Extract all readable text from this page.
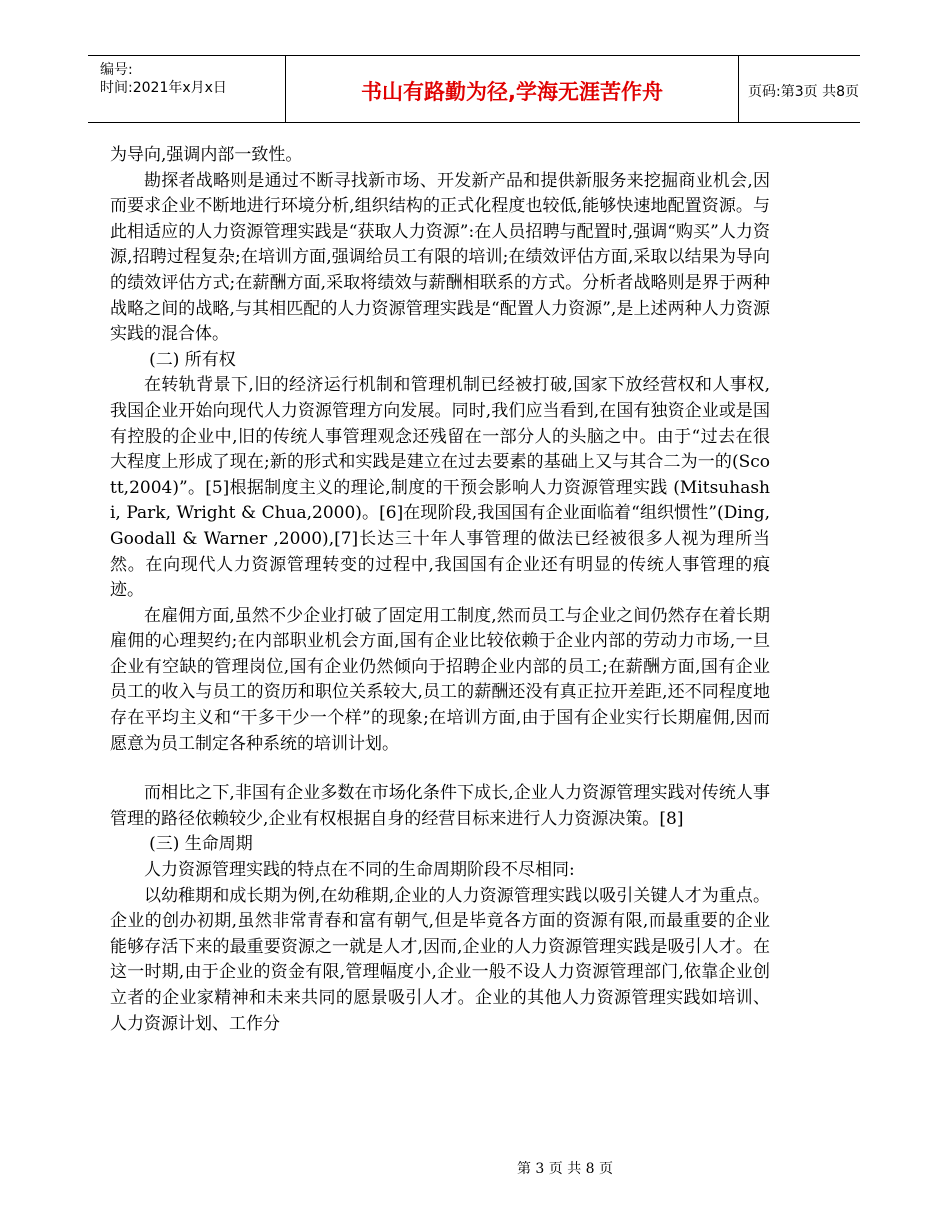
编号:
时间:2021年x月x日	书山有路勤为径,学海无涯苦作舟	页码:第3页 共8页

为导向,强调内部一致性。

勘探者战略则是通过不断寻找新市场、开发新产品和提供新服务来挖掘商业机会,因而要求企业不断地进行环境分析,组织结构的正式化程度也较低,能够快速地配置资源。与此相适应的人力资源管理实践是“获取人力资源”:在人员招聘与配置时,强调“购买”人力资源,招聘过程复杂;在培训方面,强调给员工有限的培训;在绩效评估方面,采取以结果为导向的绩效评估方式;在薪酬方面,采取将绩效与薪酬相联系的方式。分析者战略则是界于两种战略之间的战略,与其相匹配的人力资源管理实践是“配置人力资源”,是上述两种人力资源实践的混合体。

(二) 所有权

在转轨背景下,旧的经济运行机制和管理机制已经被打破,国家下放经营权和人事权,我国企业开始向现代人力资源管理方向发展。同时,我们应当看到,在国有独资企业或是国有控股的企业中,旧的传统人事管理观念还残留在一部分人的头脑之中。由于“过去在很大程度上形成了现在;新的形式和实践是建立在过去要素的基础上又与其合二为一的(Scott,2004)”。[5]根据制度主义的理论,制度的干预会影响人力资源管理实践 (Mitsuhashi, Park, Wright & Chua,2000)。[6]在现阶段,我国国有企业面临着“组织惯性”(Ding, Goodall & Warner ,2000),[7]长达三十年人事管理的做法已经被很多人视为理所当然。在向现代人力资源管理转变的过程中,我国国有企业还有明显的传统人事管理的痕迹。

在雇佣方面,虽然不少企业打破了固定用工制度,然而员工与企业之间仍然存在着长期雇佣的心理契约;在内部职业机会方面,国有企业比较依赖于企业内部的劳动力市场,一旦企业有空缺的管理岗位,国有企业仍然倾向于招聘企业内部的员工;在薪酬方面,国有企业员工的收入与员工的资历和职位关系较大,员工的薪酬还没有真正拉开差距,还不同程度地存在平均主义和“干多干少一个样”的现象;在培训方面,由于国有企业实行长期雇佣,因而愿意为员工制定各种系统的培训计划。

而相比之下,非国有企业多数在市场化条件下成长,企业人力资源管理实践对传统人事管理的路径依赖较少,企业有权根据自身的经营目标来进行人力资源决策。[8]

(三) 生命周期

人力资源管理实践的特点在不同的生命周期阶段不尽相同:

以幼稚期和成长期为例,在幼稚期,企业的人力资源管理实践以吸引关键人才为重点。企业的创办初期,虽然非常青春和富有朝气,但是毕竟各方面的资源有限,而最重要的企业能够存活下来的最重要资源之一就是人才,因而,企业的人力资源管理实践是吸引人才。在这一时期,由于企业的资金有限,管理幅度小,企业一般不设人力资源管理部门,依靠企业创立者的企业家精神和未来共同的愿景吸引人才。企业的其他人力资源管理实践如培训、人力资源计划、工作分

第 3 页 共 8 页
